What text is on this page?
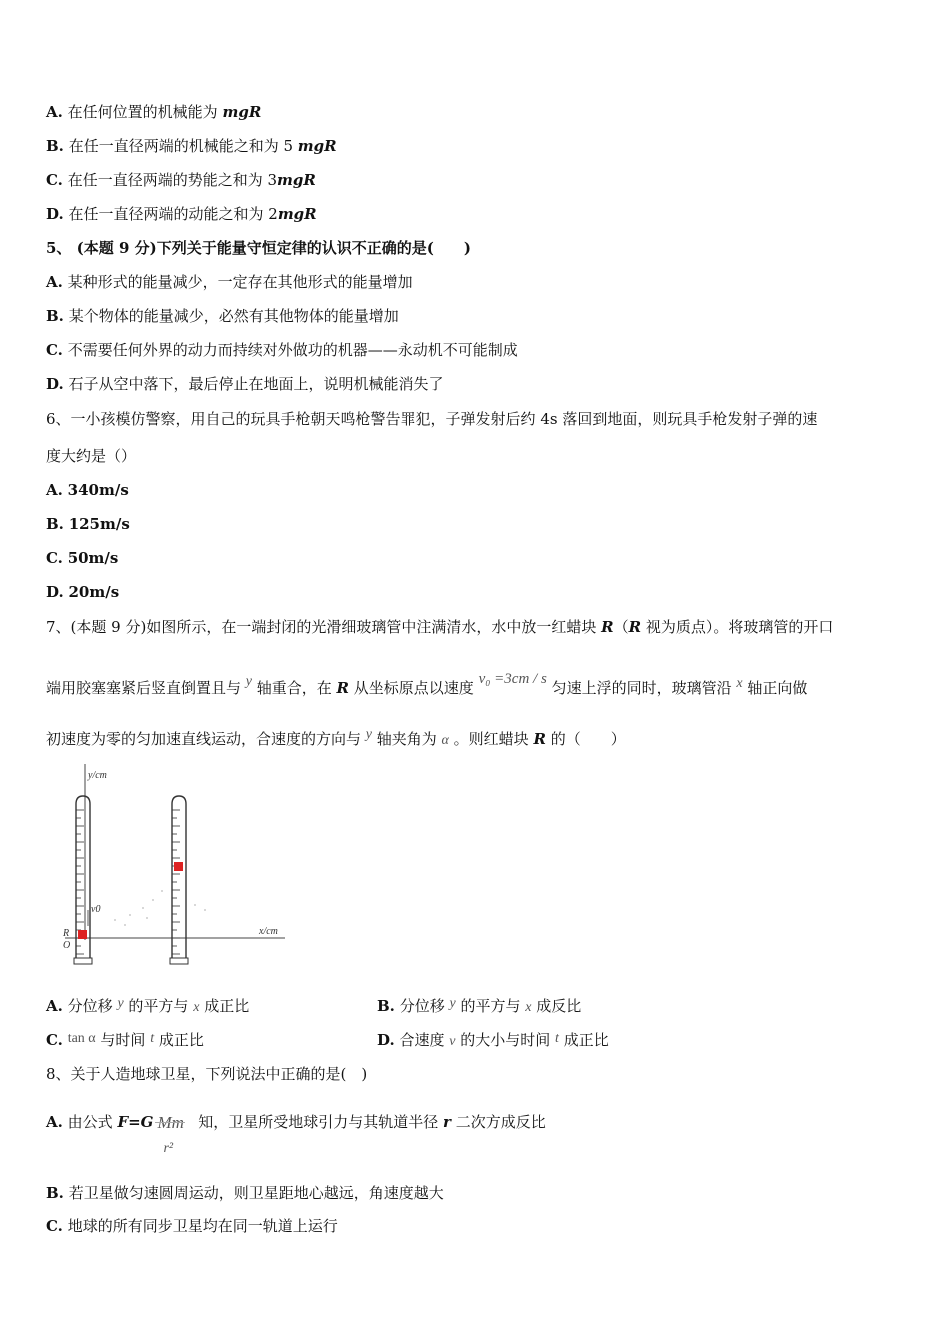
A. 在任何位置的机械能为 mgR
B. 在任一直径两端的机械能之和为 5 mgR
C. 在任一直径两端的势能之和为 3mgR
D. 在任一直径两端的动能之和为 2mgR
5、 (本题 9 分)下列关于能量守恒定律的认识不正确的是(　　)
A. 某种形式的能量减少，一定存在其他形式的能量增加
B. 某个物体的能量减少，必然有其他物体的能量增加
C. 不需要任何外界的动力而持续对外做功的机器——永动机不可能制成
D. 石子从空中落下，最后停止在地面上，说明机械能消失了
6、一小孩模仿警察，用自己的玩具手枪朝天鸣枪警告罪犯，子弹发射后约 4s 落回到地面，则玩具手枪发射子弹的速
度大约是（）
A. 340m/s
B. 125m/s
C. 50m/s
D. 20m/s
7、(本题 9 分)如图所示，在一端封闭的光滑细玻璃管中注满清水，水中放一红蜡块 R（R 视为质点）。将玻璃管的开口
端用胶塞塞紧后竖直倒置且与 y 轴重合，在 R 从坐标原点以速度 v₀ =3cm / s 匀速上浮的同时，玻璃管沿 x 轴正向做
初速度为零的匀加速直线运动，合速度的方向与 y 轴夹角为 α 。则红蜡块 R 的（　　）
y/cm
x/cm
v0
R
O
A. 分位移 y 的平方与 x 成正比	B. 分位移 y 的平方与 x 成反比
C. tan α 与时间 t 成正比	D. 合速度 v 的大小与时间 t 成正比
8、关于人造地球卫星，下列说法中正确的是(　)
A. 由公式 F=G Mm
r²
知，卫星所受地球引力与其轨道半径 r 二次方成反比
B. 若卫星做匀速圆周运动，则卫星距地心越远，角速度越大
C. 地球的所有同步卫星均在同一轨道上运行
